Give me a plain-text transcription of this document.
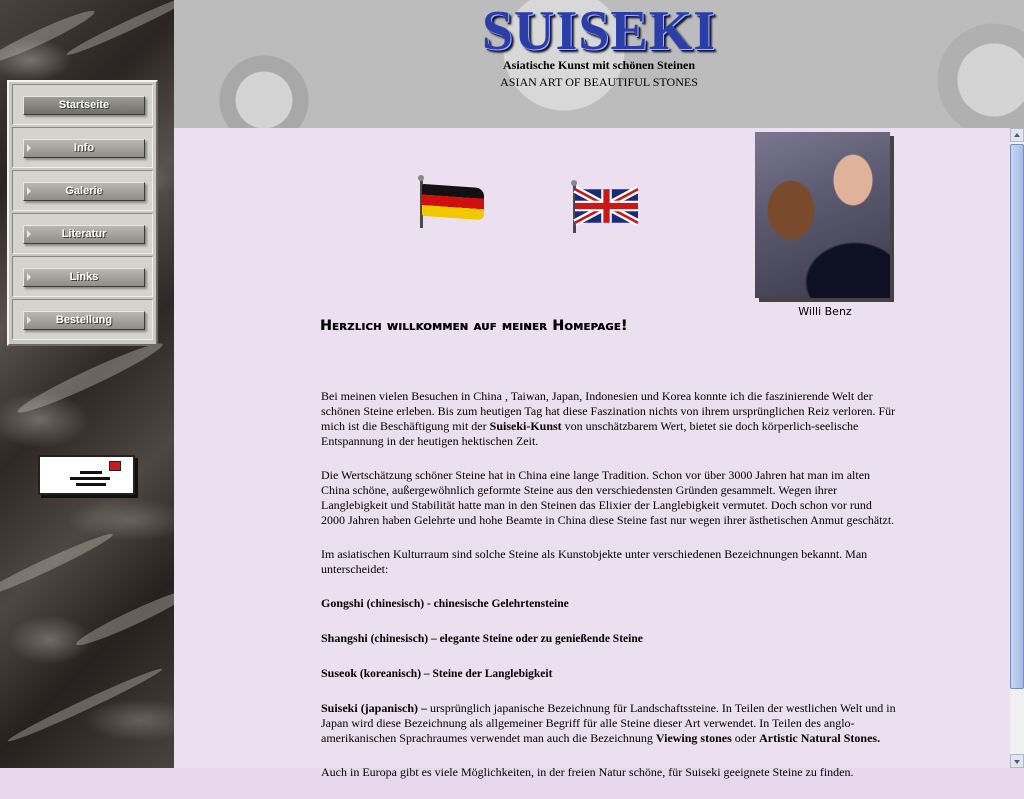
Startseite
Info
Galerie
Literatur
Links
Bestellung
SUISEKI
Asiatische Kunst mit schönen Steinen
ASIAN ART OF BEAUTIFUL STONES
Willi Benz
Herzlich willkommen auf meiner Homepage!

Bei meinen vielen Besuchen in China , Taiwan, Japan, Indonesien und Korea konnte ich die faszinierende Welt der schönen Steine erleben. Bis zum heutigen Tag hat diese Faszination nichts von ihrem ursprünglichen Reiz verloren. Für mich ist die Beschäftigung mit der Suiseki-Kunst von unschätzbarem Wert, bietet sie doch körperlich-seelische Entspannung in der heutigen hektischen Zeit.

Die Wertschätzung schöner Steine hat in China eine lange Tradition. Schon vor über 3000 Jahren hat man im alten China schöne, außergewöhnlich geformte Steine aus den verschiedensten Gründen gesammelt. Wegen ihrer Langlebigkeit und Stabilität hatte man in den Steinen das Elixier der Langlebigkeit vermutet. Doch schon vor rund 2000 Jahren haben Gelehrte und hohe Beamte in China diese Steine fast nur wegen ihrer ästhetischen Anmut geschätzt.

Im asiatischen Kulturraum sind solche Steine als Kunstobjekte unter verschiedenen Bezeichnungen bekannt. Man unterscheidet:

Gongshi (chinesisch) - chinesische Gelehrtensteine
Shangshi (chinesisch) – elegante Steine oder zu genießende Steine
Suseok (koreanisch) – Steine der Langlebigkeit

Suiseki (japanisch) – ursprünglich japanische Bezeichnung für Landschaftssteine. In Teilen der westlichen Welt und in Japan wird diese Bezeichnung als allgemeiner Begriff für alle Steine dieser Art verwendet. In Teilen des anglo-amerikanischen Sprachraumes verwendet man auch die Bezeichnung Viewing stones oder Artistic Natural Stones.

Auch in Europa gibt es viele Möglichkeiten, in der freien Natur schöne, für Suiseki geeignete Steine zu finden.
